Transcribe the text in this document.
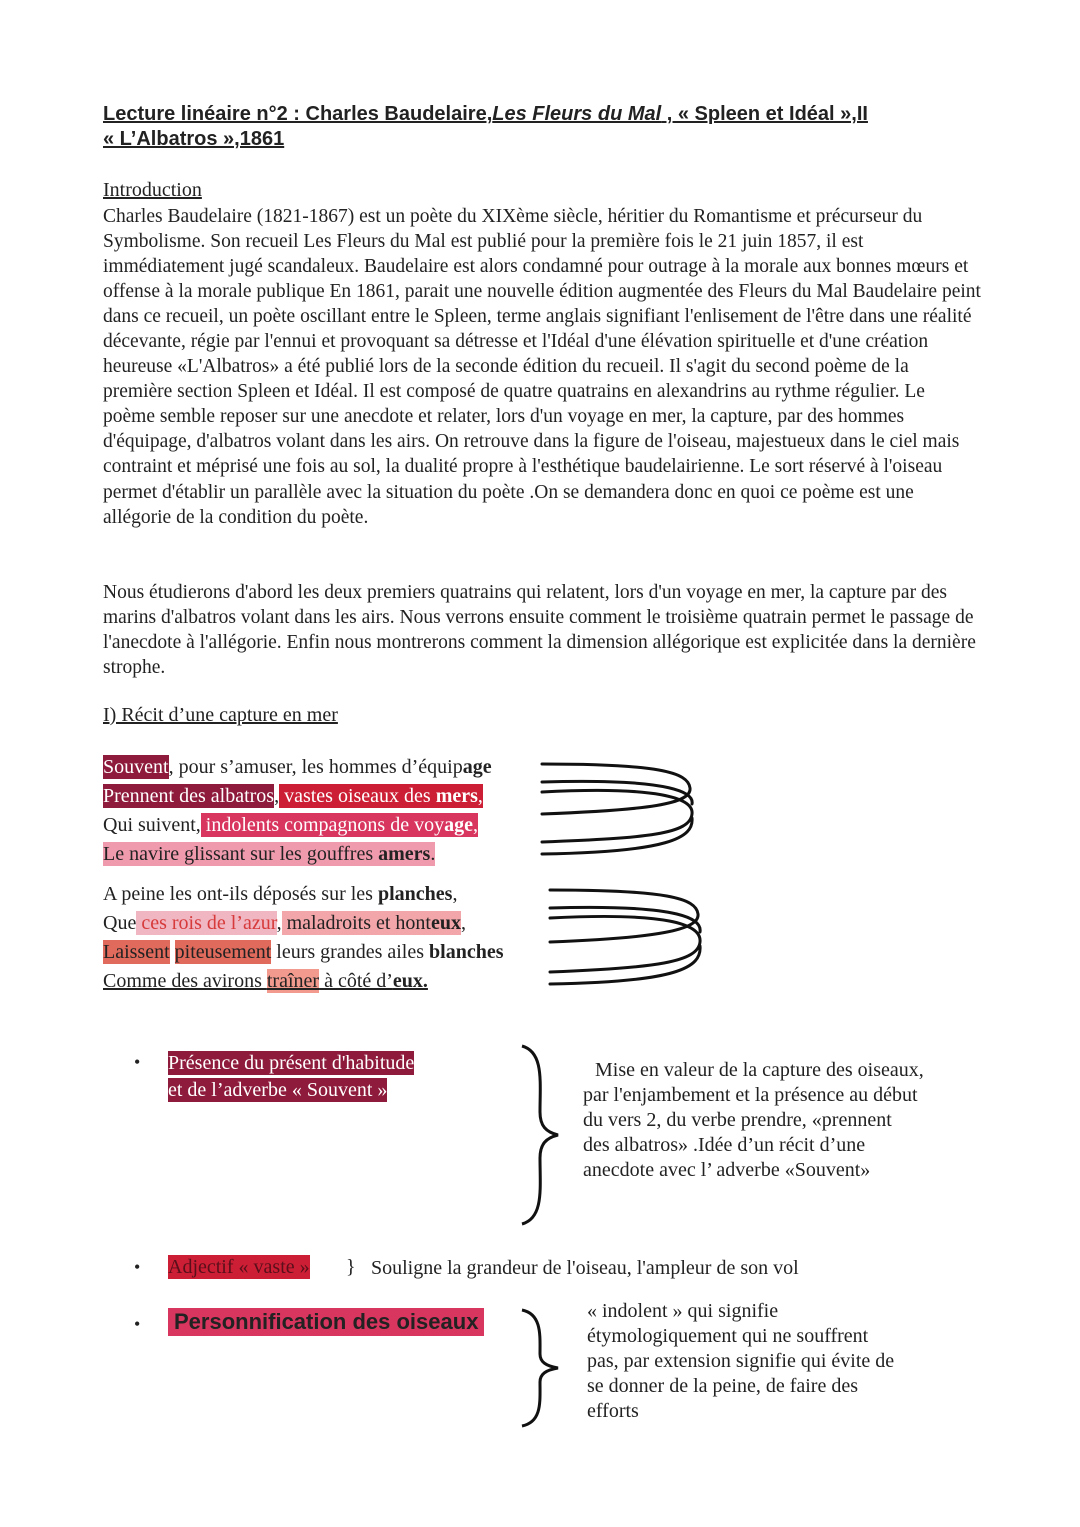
Lecture linéaire n°2 : Charles Baudelaire,Les Fleurs du Mal , « Spleen et Idéal »,II
« L’Albatros »,1861
Introduction

Charles Baudelaire (1821-1867) est un poète du XIXème siècle, héritier du Romantisme et précurseur du Symbolisme. Son recueil Les Fleurs du Mal est publié pour la première fois le 21 juin 1857, il est immédiatement jugé scandaleux. Baudelaire est alors condamné pour outrage à la morale aux bonnes mœurs et offense à la morale publique En 1861, parait une nouvelle édition augmentée des Fleurs du Mal Baudelaire peint dans ce recueil, un poète oscillant entre le Spleen, terme anglais signifiant l'enlisement de l'être dans une réalité décevante, régie par l'ennui et provoquant sa détresse et l'Idéal d'une élévation spirituelle et d'une création heureuse «L'Albatros» a été publié lors de la seconde édition du recueil. Il s'agit du second poème de la première section Spleen et Idéal. Il est composé de quatre quatrains en alexandrins au rythme régulier. Le poème semble reposer sur une anecdote et relater, lors d'un voyage en mer, la capture, par des hommes d'équipage, d'albatros volant dans les airs. On retrouve dans la figure de l'oiseau, majestueux dans le ciel mais contraint et méprisé une fois au sol, la dualité propre à l'esthétique baudelairienne. Le sort réservé à l'oiseau permet d'établir un parallèle avec la situation du poète .On se demandera donc en quoi ce poème est une allégorie de la condition du poète.

Nous étudierons d'abord les deux premiers quatrains qui relatent, lors d'un voyage en mer, la capture par des marins d'albatros volant dans les airs. Nous verrons ensuite comment le troisième quatrain permet le passage de l'anecdote à l'allégorie. Enfin nous montrerons comment la dimension allégorique est explicitée dans la dernière strophe.

I) Récit d’une capture en mer
Souvent, pour s’amuser, les hommes d’équipage
Prennent des albatros, vastes oiseaux des mers,
Qui suivent, indolents compagnons de voyage,
Le navire glissant sur les gouffres amers.
A peine les ont-ils déposés sur les planches,
Que ces rois de l’azur, maladroits et honteux,
Laissent piteusement leurs grandes ailes blanches
Comme des avirons traîner à côté d’eux.
• Présence du présent d'habitude
et de l’adverbe « Souvent »
Mise en valeur de la capture des oiseaux,
par l'enjambement et la présence au début
du vers 2, du verbe prendre, «prennent
des albatros» .Idée d’un récit d’une
anecdote avec l’ adverbe «Souvent»
• Adjectif « vaste » } Souligne la grandeur de l'oiseau, l'ampleur de son vol
• Personnification des oiseaux	« indolent » qui signifie
étymologiquement qui ne souffrent
pas, par extension signifie qui évite de
se donner de la peine, de faire des
efforts
